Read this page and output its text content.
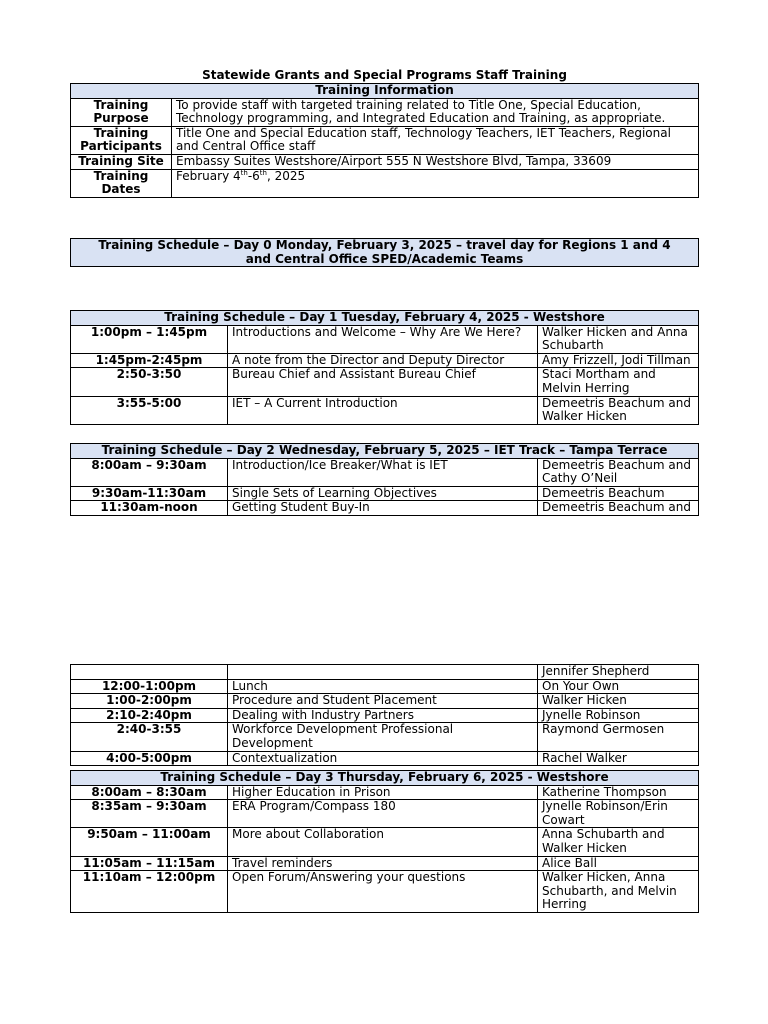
Statewide Grants and Special Programs Staff Training
Training Information	
Training Purpose	To provide staff with targeted training related to Title One, Special Education, Technology programming, and Integrated Education and Training, as appropriate.
Training Participants	Title One and Special Education staff, Technology Teachers, IET Teachers, Regional and Central Office staff
Training Site	Embassy Suites Westshore/Airport 555 N Westshore Blvd, Tampa, 33609
Training Dates	February 4th-6th, 2025
Training Schedule – Day 0 Monday, February 3, 2025 – travel day for Regions 1 and 4 and Central Office SPED/Academic Teams
Training Schedule – Day 1 Tuesday, February 4, 2025 - Westshore		
1:00pm – 1:45pm	Introductions and Welcome – Why Are We Here?	Walker Hicken and Anna Schubarth
1:45pm-2:45pm	A note from the Director and Deputy Director	Amy Frizzell, Jodi Tillman
2:50-3:50	Bureau Chief and Assistant Bureau Chief	Staci Mortham and Melvin Herring
3:55-5:00	IET – A Current Introduction	Demeetris Beachum and Walker Hicken
Training Schedule – Day 2 Wednesday, February 5, 2025 – IET Track – Tampa Terrace		
8:00am – 9:30am	Introduction/Ice Breaker/What is IET	Demeetris Beachum and Cathy O’Neil
9:30am-11:30am	Single Sets of Learning Objectives	Demeetris Beachum
11:30am-noon	Getting Student Buy-In	Demeetris Beachum and
		Jennifer Shepherd
12:00-1:00pm	Lunch	On Your Own
1:00-2:00pm	Procedure and Student Placement	Walker Hicken
2:10-2:40pm	Dealing with Industry Partners	Jynelle Robinson
2:40-3:55	Workforce Development Professional Development	Raymond Germosen
4:00-5:00pm	Contextualization	Rachel Walker
Training Schedule – Day 3 Thursday, February 6, 2025 - Westshore		
8:00am – 8:30am	Higher Education in Prison	Katherine Thompson
8:35am – 9:30am	ERA Program/Compass 180	Jynelle Robinson/Erin Cowart
9:50am – 11:00am	More about Collaboration	Anna Schubarth and Walker Hicken
11:05am – 11:15am	Travel reminders	Alice Ball
11:10am – 12:00pm	Open Forum/Answering your questions	Walker Hicken, Anna Schubarth, and Melvin Herring
